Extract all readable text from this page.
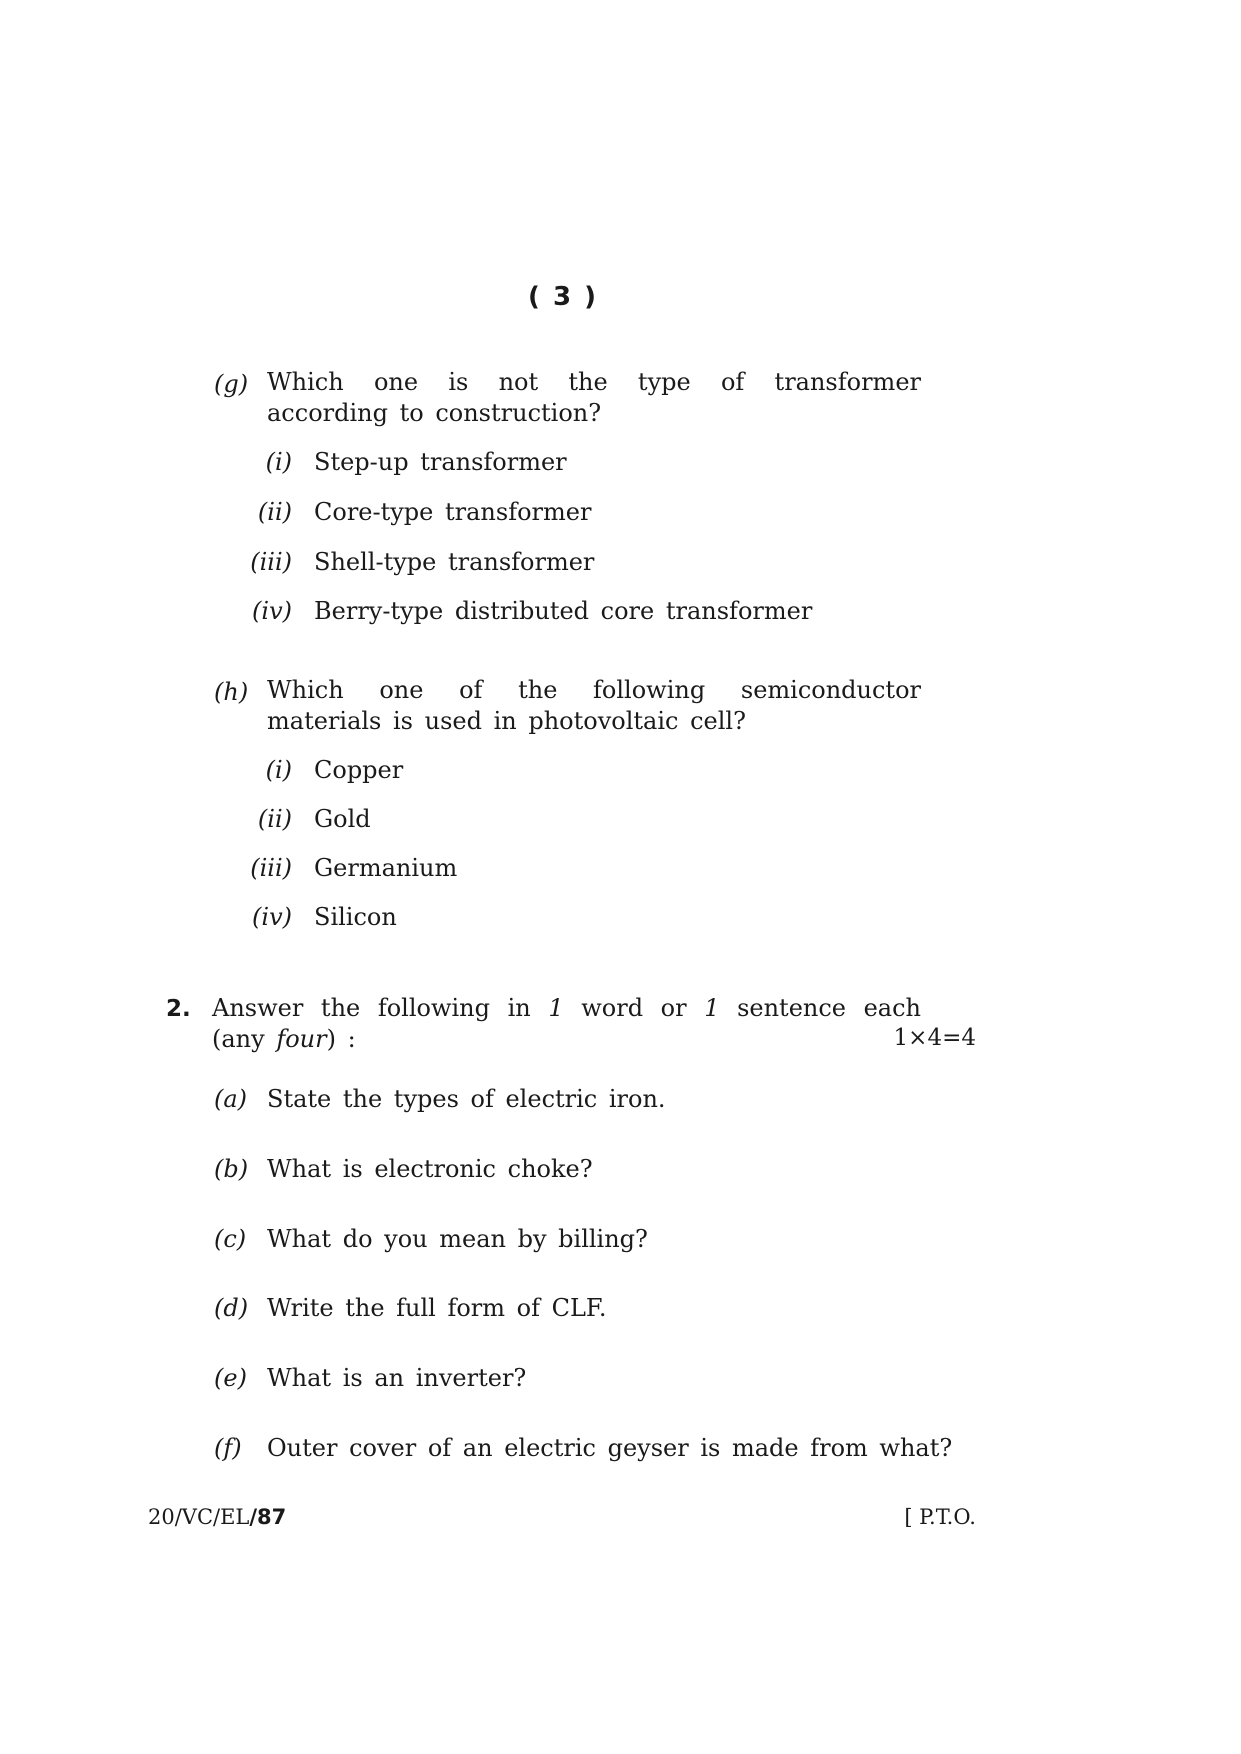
( 3 )
(g) Which one is not the type of transformer according to construction?
(i) Step-up transformer
(ii) Core-type transformer
(iii) Shell-type transformer
(iv) Berry-type distributed core transformer
(h) Which one of the following semiconductor materials is used in photovoltaic cell?
(i) Copper
(ii) Gold
(iii) Germanium
(iv) Silicon
2. Answer the following in 1 word or 1 sentence each (any four) :	1×4=4
(a) State the types of electric iron.
(b) What is electronic choke?
(c) What do you mean by billing?
(d) Write the full form of CLF.
(e) What is an inverter?
(f) Outer cover of an electric geyser is made from what?
20/VC/EL/87	[ P.T.O.
